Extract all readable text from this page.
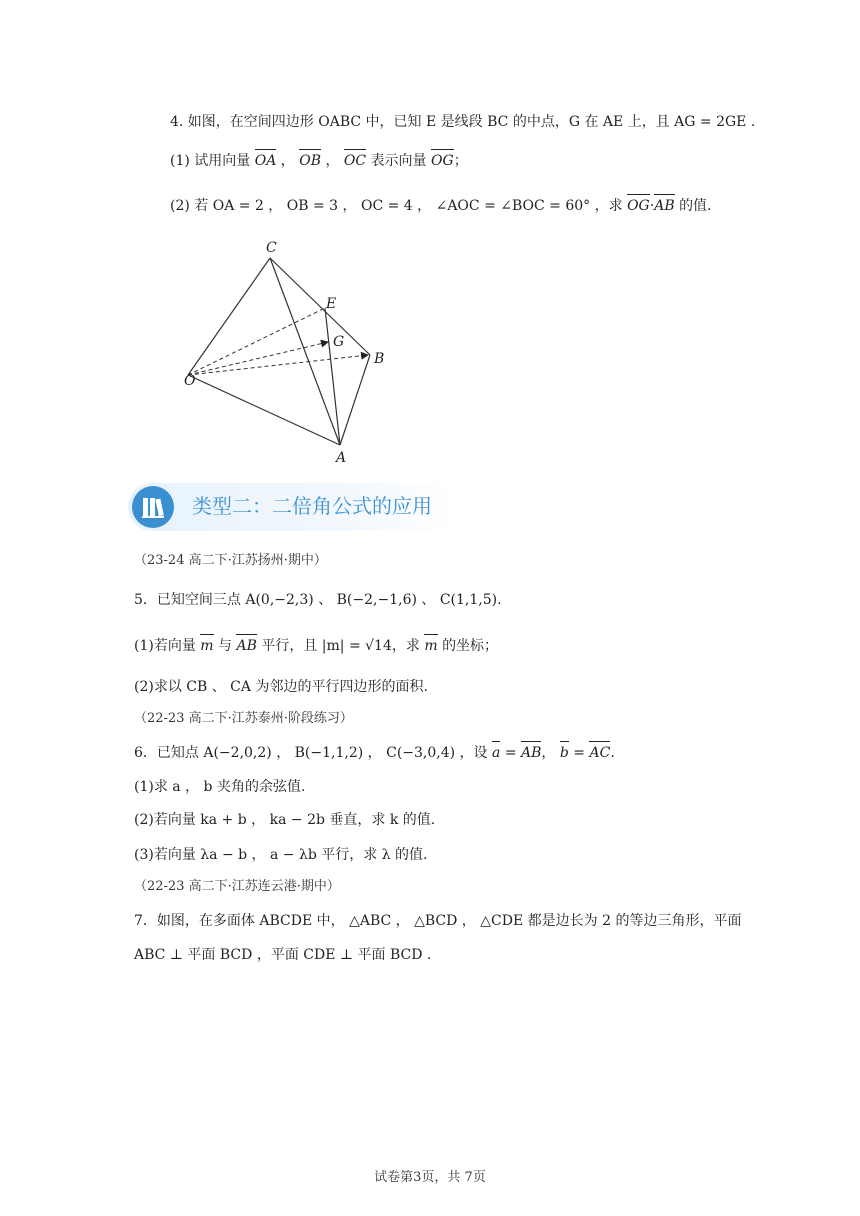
4. 如图，在空间四边形 OABC 中，已知 E 是线段 BC 的中点，G 在 AE 上，且 AG = 2GE .
(1) 试用向量 OA ， OB ， OC 表示向量 OG；
(2) 若 OA = 2 ， OB = 3 ， OC = 4 ， ∠AOC = ∠BOC = 60° ，求 OG·AB 的值.
C
E
G
B
O
A
类型二：二倍角公式的应用
（23-24 高二下·江苏扬州·期中）
5．已知空间三点 A(0,−2,3) 、 B(−2,−1,6) 、 C(1,1,5).
(1)若向量 m 与 AB 平行，且 |m| = √14，求 m 的坐标；
(2)求以 CB 、 CA 为邻边的平行四边形的面积.
（22-23 高二下·江苏泰州·阶段练习）
6．已知点 A(−2,0,2) ， B(−1,1,2) ， C(−3,0,4) ，设 a = AB， b = AC.
(1)求 a ， b 夹角的余弦值.
(2)若向量 ka + b ， ka − 2b 垂直，求 k 的值.
(3)若向量 λa − b ， a − λb 平行，求 λ 的值.
（22-23 高二下·江苏连云港·期中）
7．如图，在多面体 ABCDE 中， △ABC ， △BCD ， △CDE 都是边长为 2 的等边三角形，平面
ABC ⊥ 平面 BCD ，平面 CDE ⊥ 平面 BCD .
试卷第3页，共 7页
